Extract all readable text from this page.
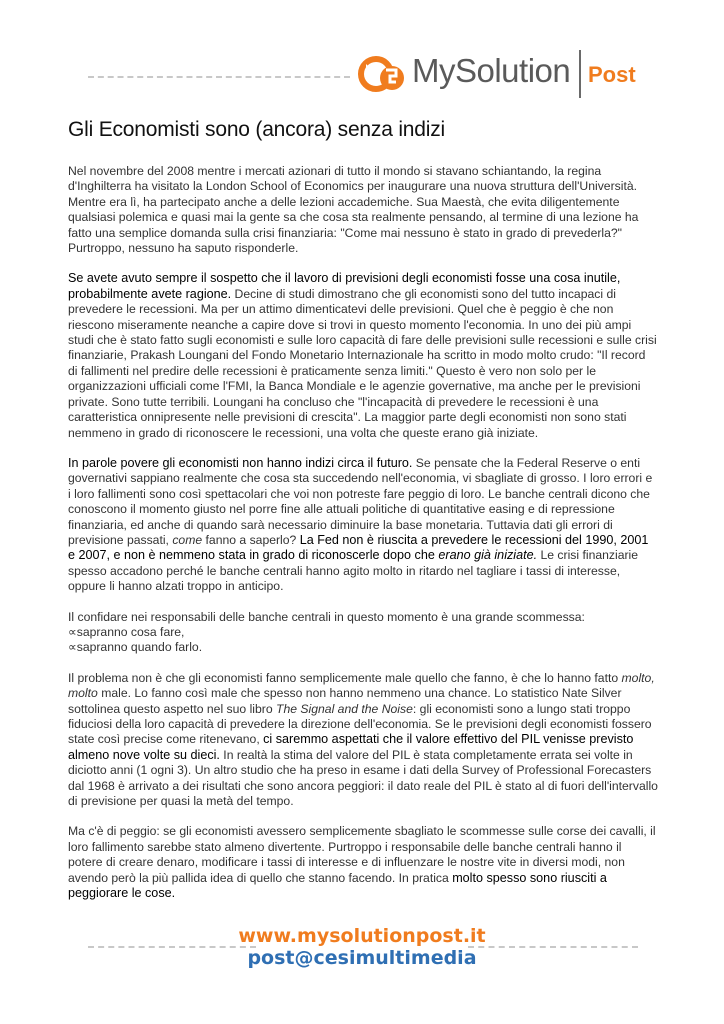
MySolution Post
Gli Economisti sono (ancora) senza indizi

Nel novembre del 2008 mentre i mercati azionari di tutto il mondo si stavano schiantando, la regina d'Inghilterra ha visitato la London School of Economics per inaugurare una nuova struttura dell'Università. Mentre era lì, ha partecipato anche a delle lezioni accademiche. Sua Maestà, che evita diligentemente qualsiasi polemica e quasi mai la gente sa che cosa sta realmente pensando, al termine di una lezione ha fatto una semplice domanda sulla crisi finanziaria: "Come mai nessuno è stato in grado di prevederla?" Purtroppo, nessuno ha saputo risponderle.

Se avete avuto sempre il sospetto che il lavoro di previsioni degli economisti fosse una cosa inutile, probabilmente avete ragione. Decine di studi dimostrano che gli economisti sono del tutto incapaci di prevedere le recessioni. Ma per un attimo dimenticatevi delle previsioni. Quel che è peggio è che non riescono miseramente neanche a capire dove si trovi in questo momento l'economia. In uno dei più ampi studi che è stato fatto sugli economisti e sulle loro capacità di fare delle previsioni sulle recessioni e sulle crisi finanziarie, Prakash Loungani del Fondo Monetario Internazionale ha scritto in modo molto crudo: "Il record di fallimenti nel predire delle recessioni è praticamente senza limiti." Questo è vero non solo per le organizzazioni ufficiali come l'FMI, la Banca Mondiale e le agenzie governative, ma anche per le previsioni private. Sono tutte terribili. Loungani ha concluso che "l'incapacità di prevedere le recessioni è una caratteristica onnipresente nelle previsioni di crescita". La maggior parte degli economisti non sono stati nemmeno in grado di riconoscere le recessioni, una volta che queste erano già iniziate.

In parole povere gli economisti non hanno indizi circa il futuro. Se pensate che la Federal Reserve o enti governativi sappiano realmente che cosa sta succedendo nell'economia, vi sbagliate di grosso. I loro errori e i loro fallimenti sono così spettacolari che voi non potreste fare peggio di loro. Le banche centrali dicono che conoscono il momento giusto nel porre fine alle attuali politiche di quantitative easing e di repressione finanziaria, ed anche di quando sarà necessario diminuire la base monetaria. Tuttavia dati gli errori di previsione passati, come fanno a saperlo? La Fed non è riuscita a prevedere le recessioni del 1990, 2001 e 2007, e non è nemmeno stata in grado di riconoscerle dopo che erano già iniziate. Le crisi finanziarie spesso accadono perché le banche centrali hanno agito molto in ritardo nel tagliare i tassi di interesse, oppure li hanno alzati troppo in anticipo.

Il confidare nei responsabili delle banche centrali in questo momento è una grande scommessa:
∝sapranno cosa fare,
∝sapranno quando farlo.

Il problema non è che gli economisti fanno semplicemente male quello che fanno, è che lo hanno fatto molto, molto male. Lo fanno così male che spesso non hanno nemmeno una chance. Lo statistico Nate Silver sottolinea questo aspetto nel suo libro The Signal and the Noise: gli economisti sono a lungo stati troppo fiduciosi della loro capacità di prevedere la direzione dell'economia. Se le previsioni degli economisti fossero state così precise come ritenevano, ci saremmo aspettati che il valore effettivo del PIL venisse previsto almeno nove volte su dieci. In realtà la stima del valore del PIL è stata completamente errata sei volte in diciotto anni (1 ogni 3). Un altro studio che ha preso in esame i dati della Survey of Professional Forecasters dal 1968 è arrivato a dei risultati che sono ancora peggiori: il dato reale del PIL è stato al di fuori dell'intervallo di previsione per quasi la metà del tempo.

Ma c'è di peggio: se gli economisti avessero semplicemente sbagliato le scommesse sulle corse dei cavalli, il loro fallimento sarebbe stato almeno divertente. Purtroppo i responsabile delle banche centrali hanno il potere di creare denaro, modificare i tassi di interesse e di influenzare le nostre vite in diversi modi, non avendo però la più pallida idea di quello che stanno facendo. In pratica molto spesso sono riusciti a peggiorare le cose.

www.mysolutionpost.it
post@cesimultimedia
